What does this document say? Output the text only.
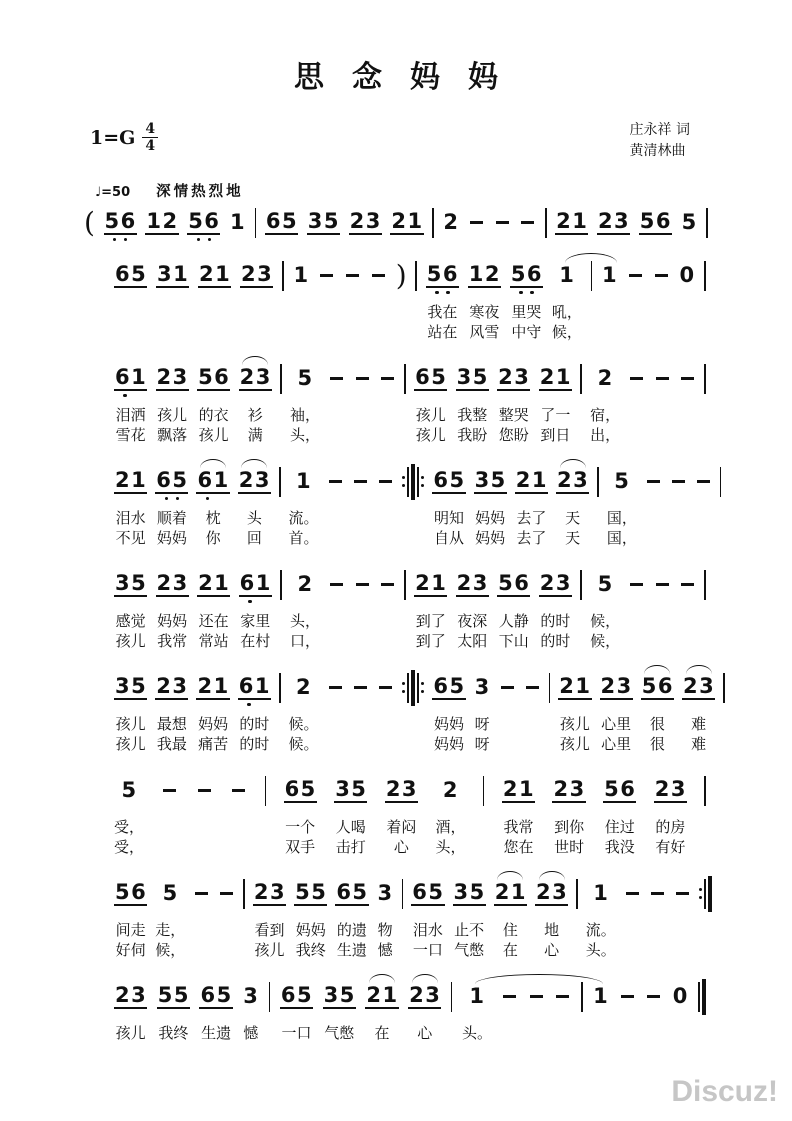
思念妈妈
$1=G \frac{4}{4}$	庄永祥 词
黄清林曲
♩=50 深情热烈地
( 56 12 56 1 65 35 23 21 2	21 23 56 5
65 31 21 23 1	) 56
我在
站在
12
寒夜
风雪
56
里哭
中守
1
吼，
候，
1	0
61
泪洒
雪花
23
孩儿
飘落
56
的衣
孩儿
23
衫
满
5
袖，
头，
65
孩儿
孩儿
35
我整
我盼
23
整哭
您盼
21
了一
到日
2
宿，
出，
21
泪水
不见
65
顺着
妈妈
61
枕
你
23
头
回
1
流。
首。
65
明知
自从
35
妈妈
妈妈
21
去了
去了
23
天
天
5
国，
国，
35
感觉
孩儿
23
妈妈
我常
21
还在
常站
61
家里
在村
2
头，
口，
21
到了
到了
23
夜深
太阳
56
人静
下山
23
的时
的时
5
候，
候，
35
孩儿
孩儿
23
最想
我最
21
妈妈
痛苦
61
的时
的时
2
候。
候。
65
妈妈
妈妈
3
呀
呀
21
孩儿
孩儿
23
心里
心里
56
很
很
23
难
难
5
受，
受，
65
一个
双手
35
人喝
击打
23
着闷
心
2
酒，
头，
21
我常
您在
23
到你
世时
56
住过
我没
23
的房
有好
56
间走
好伺
5
走，
候，
23
看到
孩儿
55
妈妈
我终
65
的遗
生遗
3
物
憾
65
泪水
一口
35
止不
气憋
21
住
在
23
地
心
1
流。
头。
23
孩儿
55
我终
65
生遗
3
憾
65
一口
35
气憋
21
在
23
心
1
头。
1	0
Discuz!
